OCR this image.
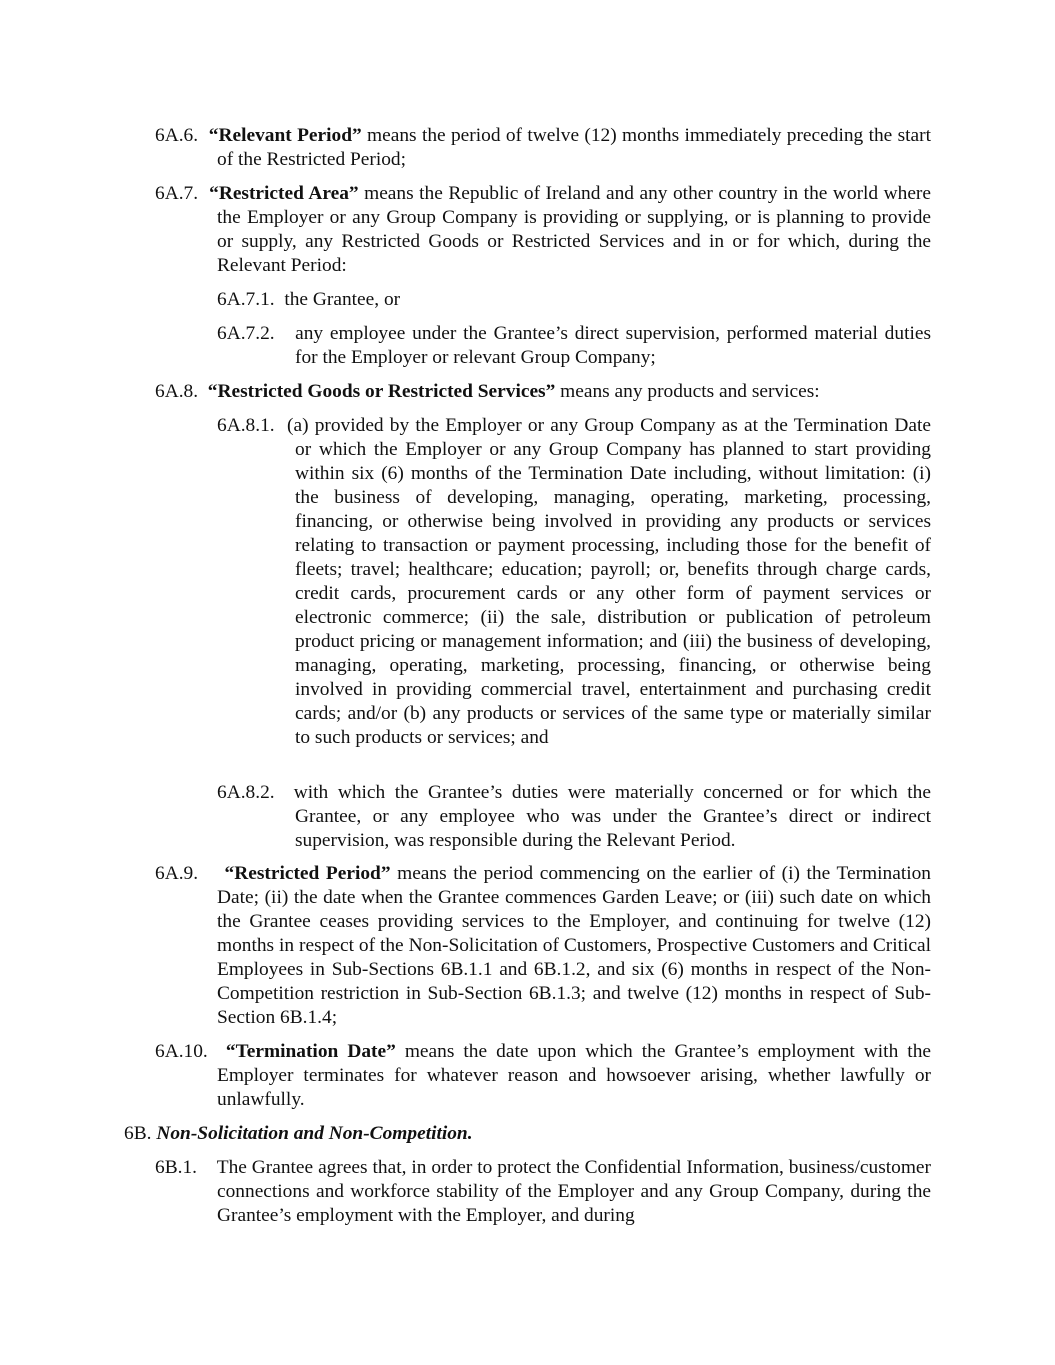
6A.6. “Relevant Period” means the period of twelve (12) months immediately preceding the start of the Restricted Period;

6A.7. “Restricted Area” means the Republic of Ireland and any other country in the world where the Employer or any Group Company is providing or supplying, or is planning to provide or supply, any Restricted Goods or Restricted Services and in or for which, during the Relevant Period:

6A.7.1. the Grantee, or

6A.7.2. any employee under the Grantee’s direct supervision, performed material duties for the Employer or relevant Group Company;

6A.8. “Restricted Goods or Restricted Services” means any products and services:

6A.8.1. (a) provided by the Employer or any Group Company as at the Termination Date or which the Employer or any Group Company has planned to start providing within six (6) months of the Termination Date including, without limitation: (i) the business of developing, managing, operating, marketing, processing, financing, or otherwise being involved in providing any products or services relating to transaction or payment processing, including those for the benefit of fleets; travel; healthcare; education; payroll; or, benefits through charge cards, credit cards, procurement cards or any other form of payment services or electronic commerce; (ii) the sale, distribution or publication of petroleum product pricing or management information; and (iii) the business of developing, managing, operating, marketing, processing, financing, or otherwise being involved in providing commercial travel, entertainment and purchasing credit cards; and/or (b) any products or services of the same type or materially similar to such products or services; and

6A.8.2. with which the Grantee’s duties were materially concerned or for which the Grantee, or any employee who was under the Grantee’s direct or indirect supervision, was responsible during the Relevant Period.

6A.9. “Restricted Period” means the period commencing on the earlier of (i) the Termination Date; (ii) the date when the Grantee commences Garden Leave; or (iii) such date on which the Grantee ceases providing services to the Employer, and continuing for twelve (12) months in respect of the Non-Solicitation of Customers, Prospective Customers and Critical Employees in Sub-Sections 6B.1.1 and 6B.1.2, and six (6) months in respect of the Non-Competition restriction in Sub-Section 6B.1.3; and twelve (12) months in respect of Sub-Section 6B.1.4;

6A.10. “Termination Date” means the date upon which the Grantee’s employment with the Employer terminates for whatever reason and howsoever arising, whether lawfully or unlawfully.

6B. Non-Solicitation and Non-Competition.

6B.1. The Grantee agrees that, in order to protect the Confidential Information, business/customer connections and workforce stability of the Employer and any Group Company, during the Grantee’s employment with the Employer, and during
